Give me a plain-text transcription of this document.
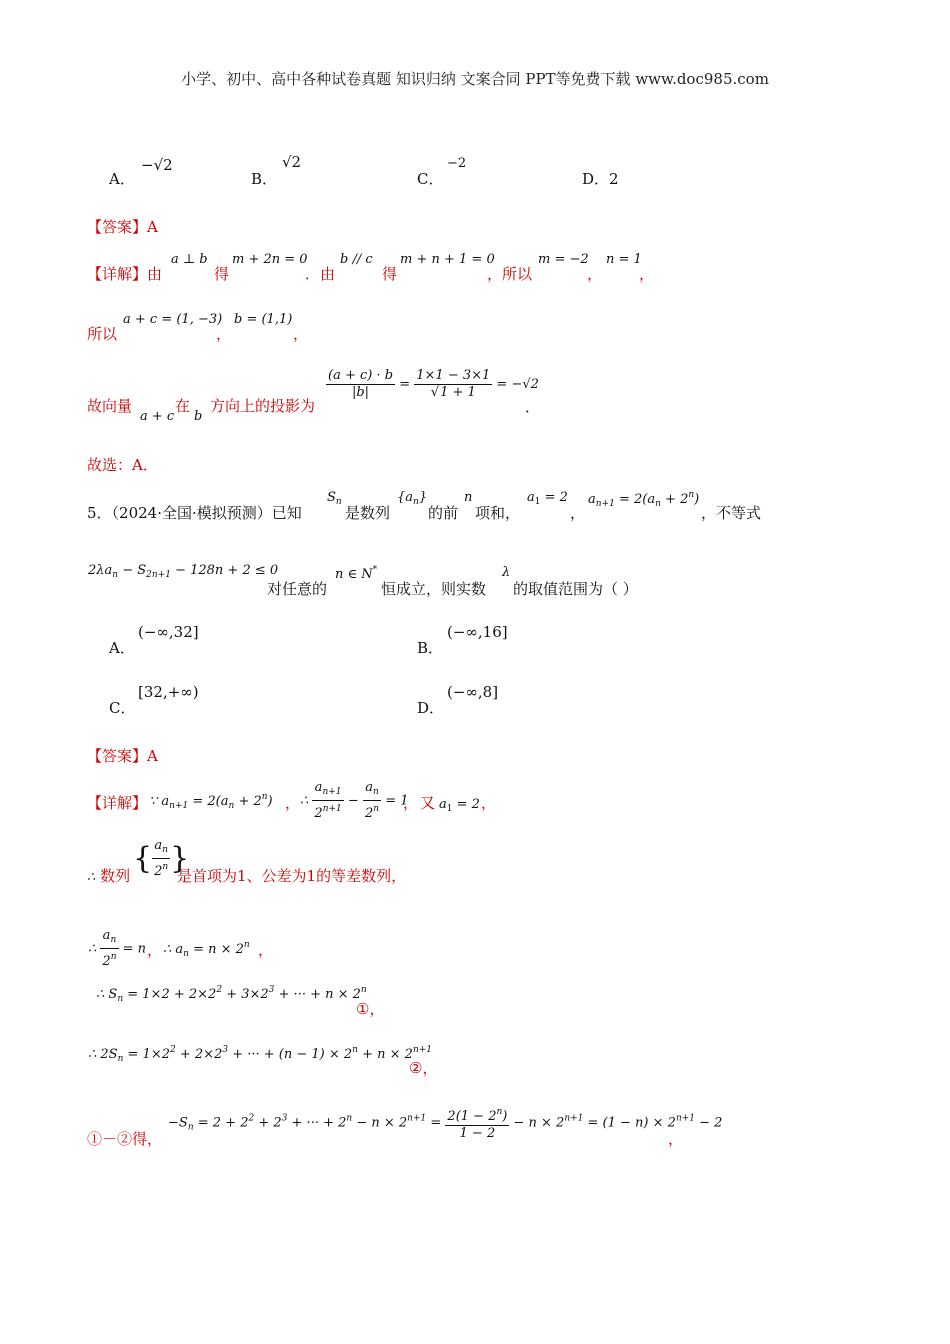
小学、初中、高中各种试卷真题 知识归纳 文案合同 PPT等免费下载 www.doc985.com
A．
−√2
B．
√2
C．
−2
D．2
【答案】A
【详解】由
a ⊥ b
得
m + 2n = 0
．由
b // c
得
m + n + 1 = 0
，所以
m = −2
，
n = 1
，
所以
a + c = (1, −3)
，
b = (1,1)
，
故向量
a + c
在
b
方向上的投影为
$\frac{(a + c) \cdot b}{|b|} = \frac{1\times 1 - 3\times 1}{√1 + 1} = -√2$
．
故选：A．
5．（2024·全国·模拟预测）已知
$S_n$
是数列
$\{a_n\}$
的前
n
项和，
$a_1 = 2$
，
$a_{n+1} = 2(a_n + 2^n)$
，不等式
$2\lambda a_n - S_{2n+1} - 128n + 2 \le 0$
对任意的
n ∈ N*
恒成立，则实数
λ
的取值范围为（ ）
A．
(−∞,32]
B．
(−∞,16]
C．
[32,+∞)
D．
(−∞,8]
【答案】A
【详解】 ∵ $a_{n+1} = 2(a_n + 2^n)$ ， ∴ $\frac{a_{n+1}}{2^{n+1}} - \frac{a_n}{2^n} = 1$
， 又 $a_1 = 2$ ，
∴ 数列 { $\frac{a_n}{2^n}$ }
是首项为1、公差为1的等差数列，
∴ $\frac{a_n}{2^n} = n$ ， ∴ $a_n = n \times 2^n$ ，
∴ $S_n = 1\times 2 + 2\times 2^2 + 3\times 2^3$ + ··· + $n \times 2^n$
①，
∴ $2S_n = 1\times 2^2 + 2\times 2^3$ + ··· + $(n - 1) \times 2^n + n \times 2^{n+1}$
②，
①－②得，
$-S_n = 2 + 2^2 + 2^3$ + ··· + $2^n - n \times 2^{n+1} = \frac{2(1 - 2^n)}{1 - 2} - n \times 2^{n+1} = (1 - n) \times 2^{n+1} - 2$
，
